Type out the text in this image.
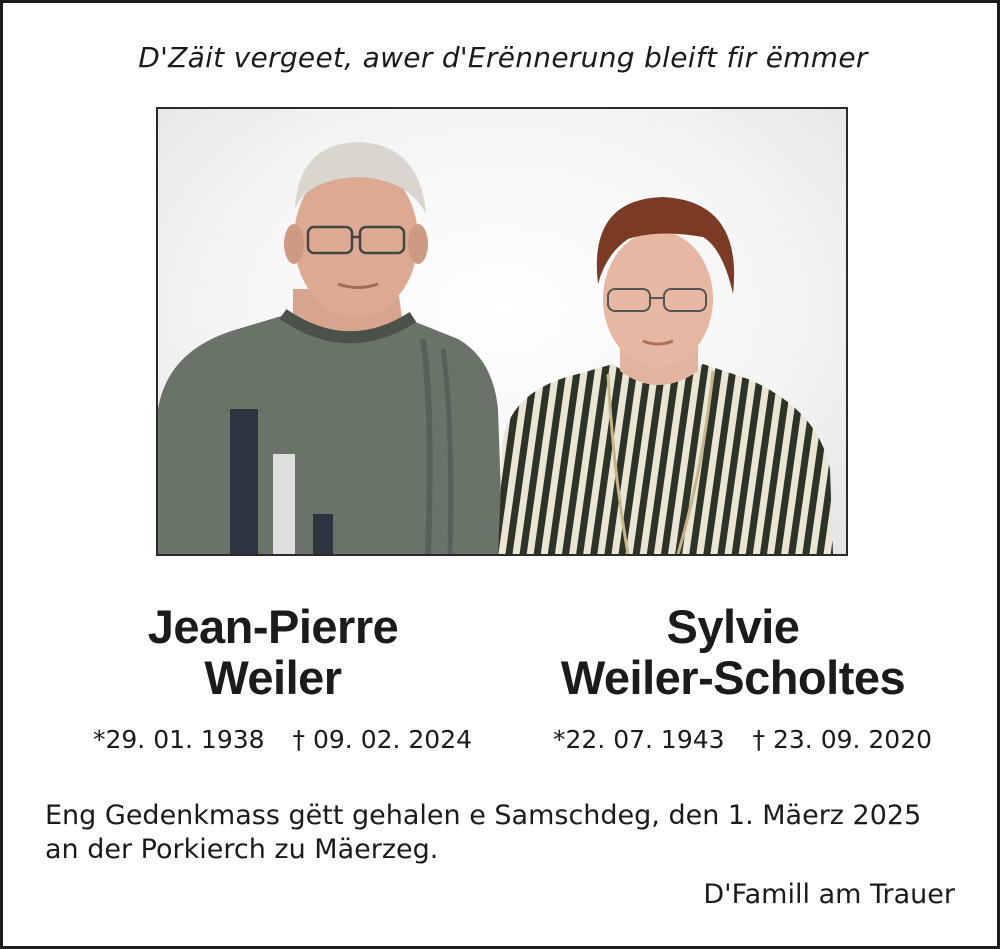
D'Zäit vergeet, awer d'Erënnerung bleift fir ëmmer
Jean-Pierre
Weiler
Sylvie
Weiler-Scholtes
*29. 01. 1938 † 09. 02. 2024	*22. 07. 1943 † 23. 09. 2020
Eng Gedenkmass gëtt gehalen e Samschdeg, den 1. Mäerz 2025
an der Porkierch zu Mäerzeg.
D'Famill am Trauer
